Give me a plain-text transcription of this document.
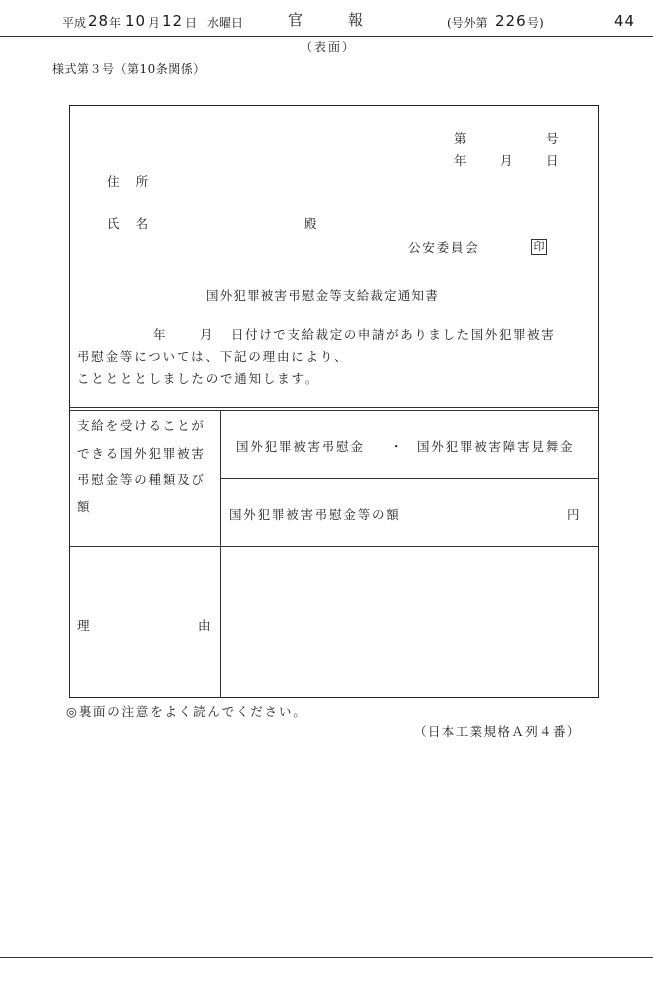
平成 28 年 10 月 12 日 水曜日	官	報	(号外第 226 号)	44
（表面）
様式第３号（第10条関係）
第	号
年	月	日
住　所
氏　名	殿
公安委員会	印
国外犯罪被害弔慰金等支給裁定通知書
年	月 日付けで支給裁定の申請がありました国外犯罪被害
弔慰金等については、下記の理由により、
こととととしましたので通知します。
支給を受けることが
できる国外犯罪被害
弔慰金等の種類及び
額
国外犯罪被害弔慰金 ・ 国外犯罪被害障害見舞金
国外犯罪被害弔慰金等の額	円
理	由
◎裏面の注意をよく読んでください。
（日本工業規格Ａ列４番）
